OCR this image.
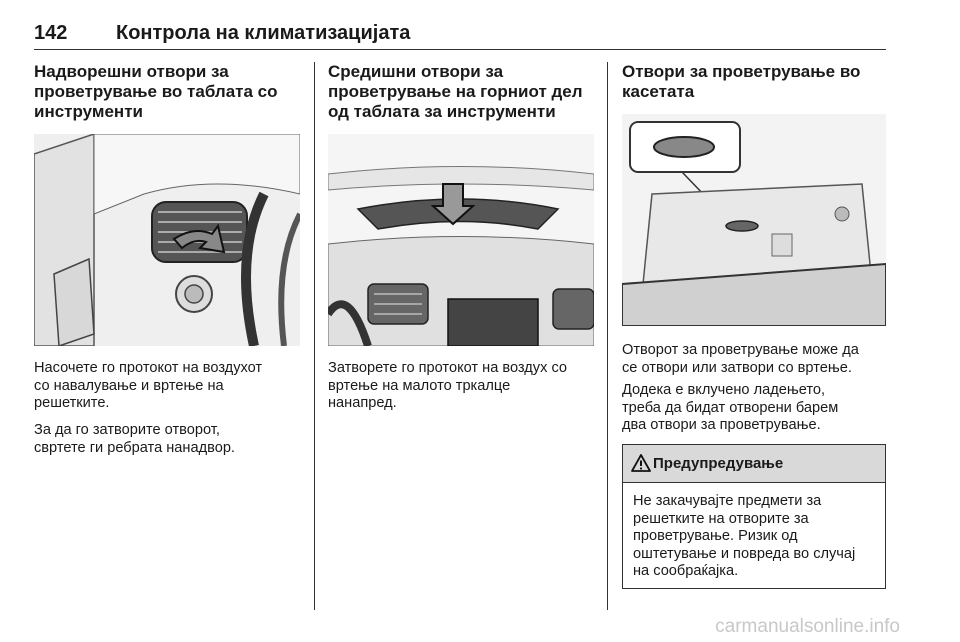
142 Контрола на климатизацијата
Надворешни отвори за
проветрување во таблата со
инструменти

Насочете го протокот на воздухот
со навалување и вртење на
решетките.

За да го затворите отворот,
свртете ги ребрата нанадвор.

Средишни отвори за
проветрување на горниот дел
од таблата за инструменти

Затворете го протокот на воздух со
вртење на малото тркалце
нанапред.

Отвори за проветрување во
касетата

Отворот за проветрување може да
се отвори или затвори со вртење.

Додека е вклучено ладењето,
треба да бидат отворени барем
два отвори за проветрување.

Предупредување

Не закачувајте предмети за
решетките на отворите за
проветрување. Ризик од
оштетување и повреда во случај
на сообраќајка.

carmanualsonline.info
